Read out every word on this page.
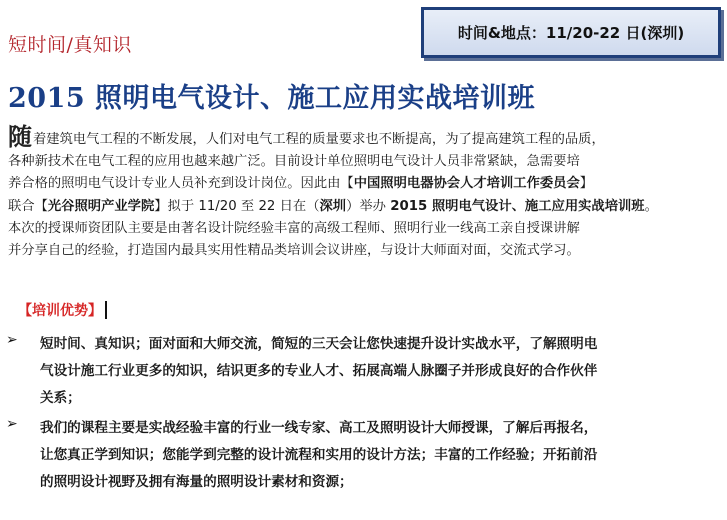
短时间/真知识
时间&地点：11/20-22 日(深圳)
2015 照明电气设计、施工应用实战培训班
随着建筑电气工程的不断发展，人们对电气工程的质量要求也不断提高，为了提高建筑工程的品质，
各种新技术在电气工程的应用也越来越广泛。目前设计单位照明电气设计人员非常紧缺，急需要培
养合格的照明电气设计专业人员补充到设计岗位。因此由【中国照明电器协会人才培训工作委员会】
联合【光谷照明产业学院】拟于 11/20 至 22 日在（深圳）举办 2015 照明电气设计、施工应用实战培训班。
本次的授课师资团队主要是由著名设计院经验丰富的高级工程师、照明行业一线高工亲自授课讲解
并分享自己的经验，打造国内最具实用性精品类培训会议讲座，与设计大师面对面，交流式学习。
【培训优势】
➢ 短时间、真知识；面对面和大师交流，简短的三天会让您快速提升设计实战水平，了解照明电
气设计施工行业更多的知识，结识更多的专业人才、拓展高端人脉圈子并形成良好的合作伙伴
关系；
➢ 我们的课程主要是实战经验丰富的行业一线专家、高工及照明设计大师授课，了解后再报名，
让您真正学到知识；您能学到完整的设计流程和实用的设计方法；丰富的工作经验；开拓前沿
的照明设计视野及拥有海量的照明设计素材和资源；
